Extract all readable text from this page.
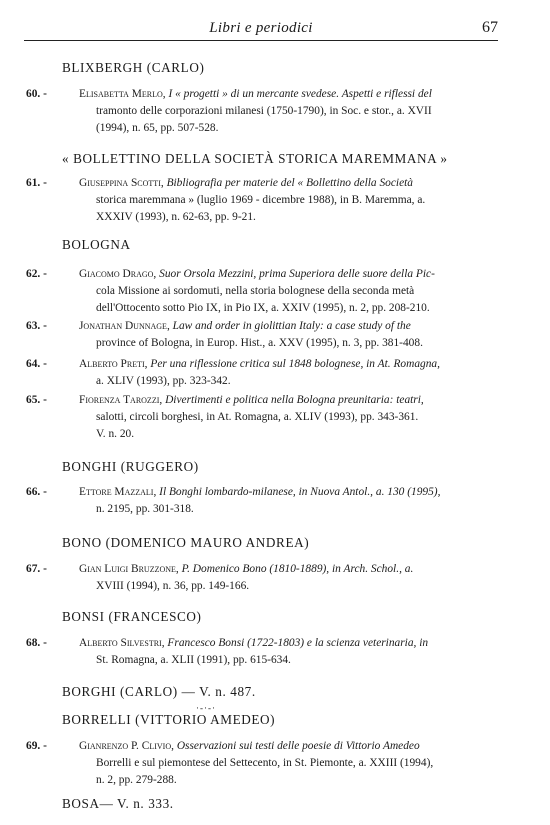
Libri e periodici	67
BLIXBERGH (CARLO)
« BOLLETTINO DELLA SOCIETÀ STORICA MAREMMANA »
BOLOGNA
BONGHI (RUGGERO)
BONO (DOMENICO MAURO ANDREA)
BONSI (FRANCESCO)
BORGHI (CARLO) — V. n. 487.
·-·-·
BORRELLI (VITTORIO AMEDEO)
BOSA— V. n. 333.
60. -	Elisabetta Merlo, I « progetti » di un mercante svedese. Aspetti e riflessi del
tramonto delle corporazioni milanesi (1750-1790), in Soc. e stor., a. XVII
(1994), n. 65, pp. 507-528.
61. -	Giuseppina Scotti, Bibliografia per materie del « Bollettino della Società
storica maremmana » (luglio 1969 - dicembre 1988), in B. Maremma, a.
XXXIV (1993), n. 62-63, pp. 9-21.
62. -	Giacomo Drago, Suor Orsola Mezzini, prima Superiora delle suore della Pic-
cola Missione ai sordomuti, nella storia bolognese della seconda metà
dell'Ottocento sotto Pio IX, in Pio IX, a. XXIV (1995), n. 2, pp. 208-210.
63. -	Jonathan Dunnage, Law and order in giolittian Italy: a case study of the
province of Bologna, in Europ. Hist., a. XXV (1995), n. 3, pp. 381-408.
64. -	Alberto Preti, Per una riflessione critica sul 1848 bolognese, in At. Romagna,
a. XLIV (1993), pp. 323-342.
65. -	Fiorenza Tarozzi, Divertimenti e politica nella Bologna preunitaria: teatri,
salotti, circoli borghesi, in At. Romagna, a. XLIV (1993), pp. 343-361.
V. n. 20.
66. -	Ettore Mazzali, Il Bonghi lombardo-milanese, in Nuova Antol., a. 130 (1995),
n. 2195, pp. 301-318.
67. -	Gian Luigi Bruzzone, P. Domenico Bono (1810-1889), in Arch. Schol., a.
XVIII (1994), n. 36, pp. 149-166.
68. -	Alberto Silvestri, Francesco Bonsi (1722-1803) e la scienza veterinaria, in
St. Romagna, a. XLII (1991), pp. 615-634.
69. -	Gianrenzo P. Clivio, Osservazioni sui testi delle poesie di Vittorio Amedeo
Borrelli e sul piemontese del Settecento, in St. Piemonte, a. XXIII (1994),
n. 2, pp. 279-288.
